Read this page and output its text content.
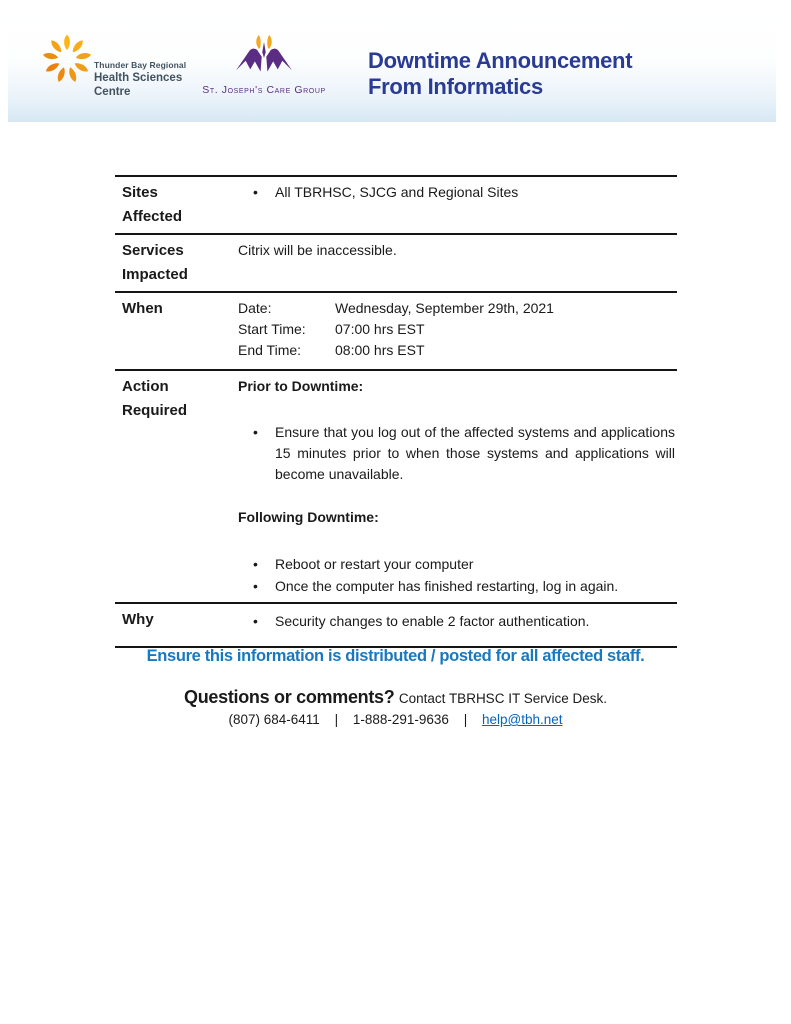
Thunder Bay Regional
Health Sciences
Centre	St. Joseph's Care Group
Downtime Announcement
From Informatics
Sites Affected
• All TBRHSC, SJCG and Regional Sites
Services Impacted
Citrix will be inaccessible.
When	Date:	Wednesday, September 29th, 2021
Start Time:	07:00 hrs EST
End Time:	08:00 hrs EST
Action Required
Prior to Downtime:
• Ensure that you log out of the affected systems and applications 15 minutes prior to when those systems and applications will become unavailable.
Following Downtime:
• Reboot or restart your computer
• Once the computer has finished restarting, log in again.
Why	• Security changes to enable 2 factor authentication.
Ensure this information is distributed / posted for all affected staff.
Questions or comments? Contact TBRHSC IT Service Desk.
(807) 684-6411 | 1-888-291-9636 | help@tbh.net
